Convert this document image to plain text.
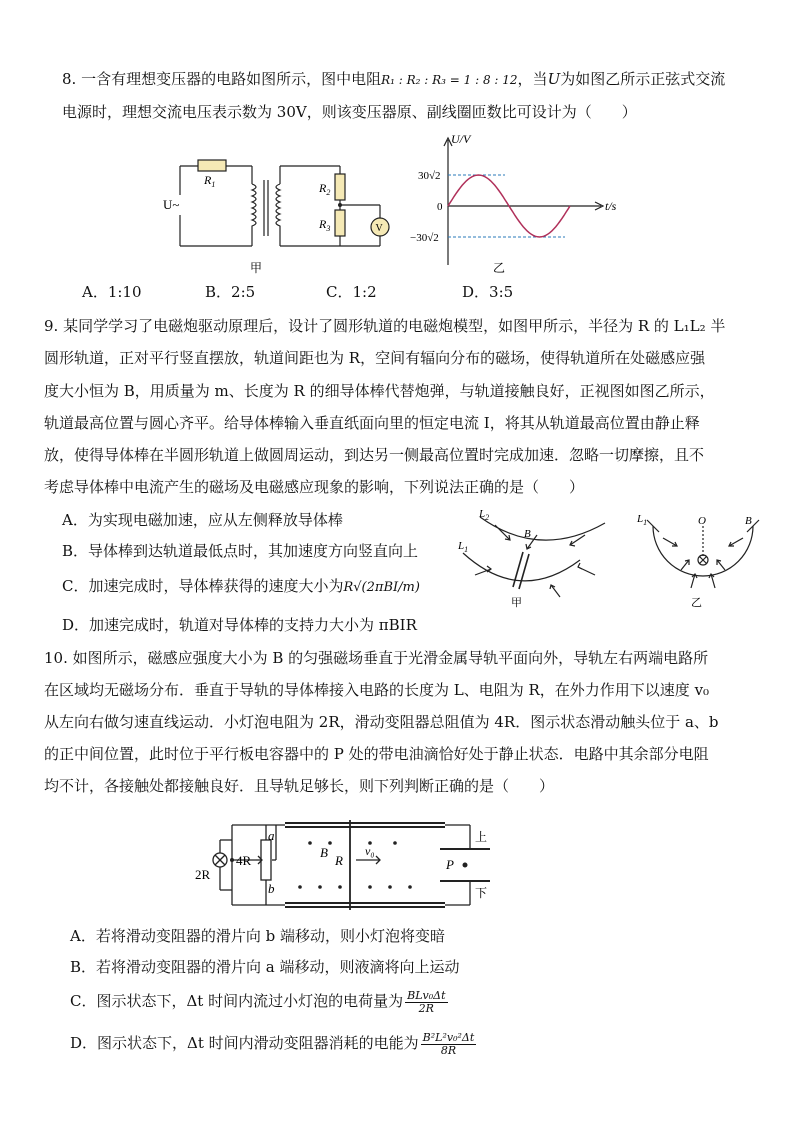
8. 一含有理想变压器的电路如图所示，图中电阻R₁ : R₂ : R₃ = 1 : 8 : 12，当U为如图乙所示正弦式交流
电源时，理想交流电压表示数为 30V，则该变压器原、副线圈匝数比可设计为（　　）
$R_1$	$R_2$
$R_3$
U~
V
甲
U/V
t/s
30√2
0
−30√2
乙
A．1:10	B．2:5	C．1:2	D．3:5
9. 某同学学习了电磁炮驱动原理后，设计了圆形轨道的电磁炮模型，如图甲所示，半径为 R 的 L₁L₂ 半
圆形轨道，正对平行竖直摆放，轨道间距也为 R，空间有辐向分布的磁场，使得轨道所在处磁感应强
度大小恒为 B，用质量为 m、长度为 R 的细导体棒代替炮弹，与轨道接触良好，正视图如图乙所示，
轨道最高位置与圆心齐平。给导体棒输入垂直纸面向里的恒定电流 I，将其从轨道最高位置由静止释
放，使得导体棒在半圆形轨道上做圆周运动，到达另一侧最高位置时完成加速．忽略一切摩擦，且不
考虑导体棒中电流产生的磁场及电磁感应现象的影响，下列说法正确的是（　　）
A．为实现电磁加速，应从左侧释放导体棒
B．导体棒到达轨道最低点时，其加速度方向竖直向上
C．加速完成时，导体棒获得的速度大小为R√(2πBI/m)
D．加速完成时，轨道对导体棒的支持力大小为 πBIR
$L_2$
$L_1$
B
甲
$L_1$	O	B
乙
10. 如图所示，磁感应强度大小为 B 的匀强磁场垂直于光滑金属导轨平面向外，导轨左右两端电路所
在区域均无磁场分布．垂直于导轨的导体棒接入电路的长度为 L、电阻为 R，在外力作用下以速度 v₀
从左向右做匀速直线运动．小灯泡电阻为 2R，滑动变阻器总阻值为 4R．图示状态滑动触头位于 a、b
的正中间位置，此时位于平行板电容器中的 P 处的带电油滴恰好处于静止状态．电路中其余部分电阻
均不计，各接触处都接触良好．且导轨足够长，则下列判断正确的是（　　）
a
b
4R
2R
B
R
v₀
P
上
下
A．若将滑动变阻器的滑片向 b 端移动，则小灯泡将变暗
B．若将滑动变阻器的滑片向 a 端移动，则液滴将向上运动
C．图示状态下，Δt 时间内流过小灯泡的电荷量为 $\frac{\text{BLv₀Δt}}{2R}$
D．图示状态下，Δt 时间内滑动变阻器消耗的电能为 $\frac{\text{B²L²v₀²Δt}}{8R}$
